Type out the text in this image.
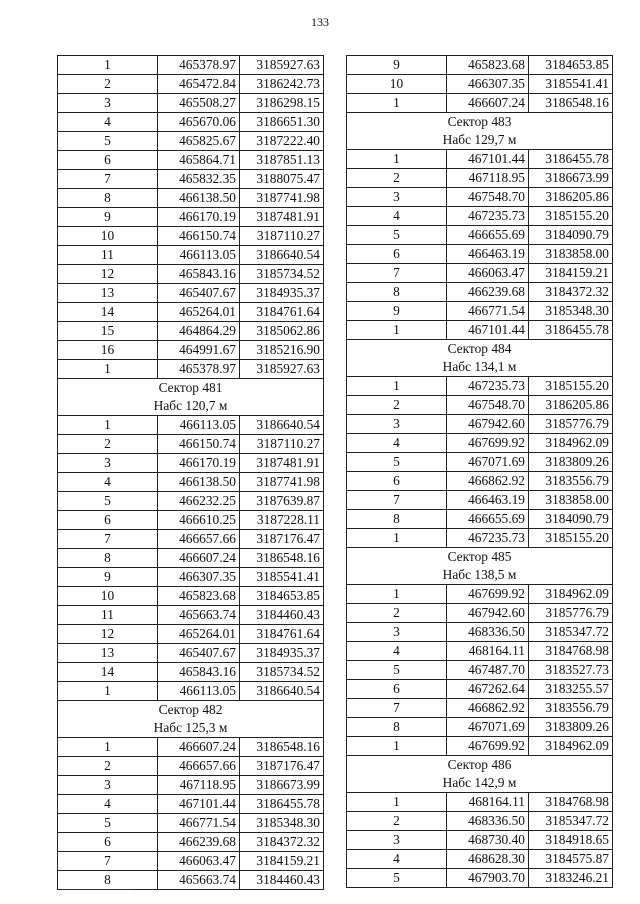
133
1	465378.97	3185927.63
2	465472.84	3186242.73
3	465508.27	3186298.15
4	465670.06	3186651.30
5	465825.67	3187222.40
6	465864.71	3187851.13
7	465832.35	3188075.47
8	466138.50	3187741.98
9	466170.19	3187481.91
10	466150.74	3187110.27
11	466113.05	3186640.54
12	465843.16	3185734.52
13	465407.67	3184935.37
14	465264.01	3184761.64
15	464864.29	3185062.86
16	464991.67	3185216.90
1	465378.97	3185927.63
Сектор 481		
Набс 120,7 м		
1	466113.05	3186640.54
2	466150.74	3187110.27
3	466170.19	3187481.91
4	466138.50	3187741.98
5	466232.25	3187639.87
6	466610.25	3187228.11
7	466657.66	3187176.47
8	466607.24	3186548.16
9	466307.35	3185541.41
10	465823.68	3184653.85
11	465663.74	3184460.43
12	465264.01	3184761.64
13	465407.67	3184935.37
14	465843.16	3185734.52
1	466113.05	3186640.54
Сектор 482		
Набс 125,3 м		
1	466607.24	3186548.16
2	466657.66	3187176.47
3	467118.95	3186673.99
4	467101.44	3186455.78
5	466771.54	3185348.30
6	466239.68	3184372.32
7	466063.47	3184159.21
8	465663.74	3184460.43
9	465823.68	3184653.85
10	466307.35	3185541.41
1	466607.24	3186548.16
Сектор 483		
Набс 129,7 м		
1	467101.44	3186455.78
2	467118.95	3186673.99
3	467548.70	3186205.86
4	467235.73	3185155.20
5	466655.69	3184090.79
6	466463.19	3183858.00
7	466063.47	3184159.21
8	466239.68	3184372.32
9	466771.54	3185348.30
1	467101.44	3186455.78
Сектор 484		
Набс 134,1 м		
1	467235.73	3185155.20
2	467548.70	3186205.86
3	467942.60	3185776.79
4	467699.92	3184962.09
5	467071.69	3183809.26
6	466862.92	3183556.79
7	466463.19	3183858.00
8	466655.69	3184090.79
1	467235.73	3185155.20
Сектор 485		
Набс 138,5 м		
1	467699.92	3184962.09
2	467942.60	3185776.79
3	468336.50	3185347.72
4	468164.11	3184768.98
5	467487.70	3183527.73
6	467262.64	3183255.57
7	466862.92	3183556.79
8	467071.69	3183809.26
1	467699.92	3184962.09
Сектор 486		
Набс 142,9 м		
1	468164.11	3184768.98
2	468336.50	3185347.72
3	468730.40	3184918.65
4	468628.30	3184575.87
5	467903.70	3183246.21
